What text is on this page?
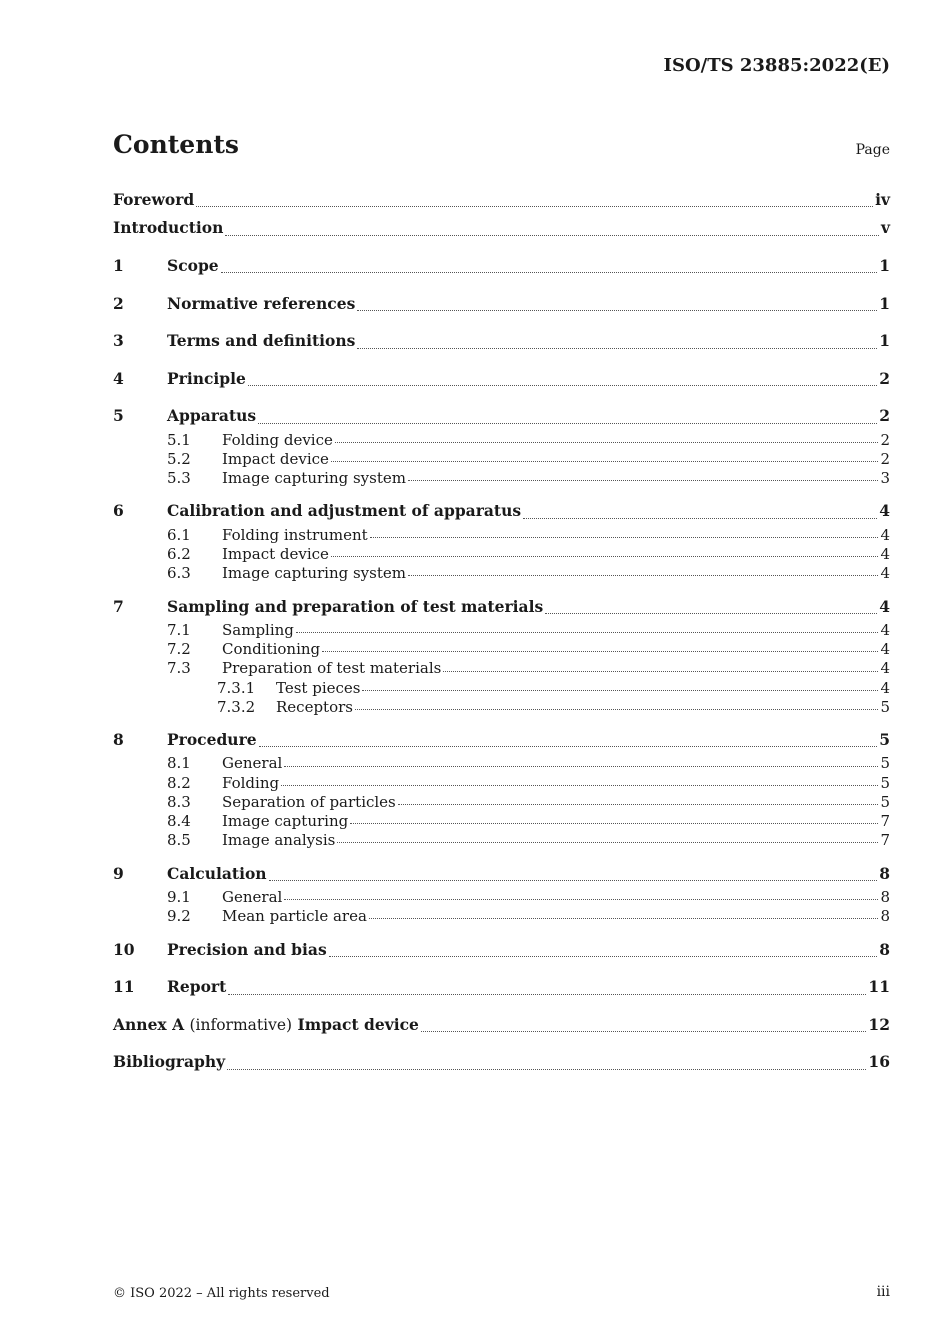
ISO/TS 23885:2022(E)
Contents	Page
Foreword	iv
Introduction	v
1	Scope	1
2	Normative references	1
3	Terms and definitions	1
4	Principle	2
5	Apparatus	2
5.1	Folding device	2
5.2	Impact device	2
5.3	Image capturing system	3
6	Calibration and adjustment of apparatus	4
6.1	Folding instrument	4
6.2	Impact device	4
6.3	Image capturing system	4
7	Sampling and preparation of test materials	4
7.1	Sampling	4
7.2	Conditioning	4
7.3	Preparation of test materials	4
7.3.1	Test pieces	4
7.3.2	Receptors	5
8	Procedure	5
8.1	General	5
8.2	Folding	5
8.3	Separation of particles	5
8.4	Image capturing	7
8.5	Image analysis	7
9	Calculation	8
9.1	General	8
9.2	Mean particle area	8
10	Precision and bias	8
11	Report	11
Annex A (informative) Impact device	12
Bibliography	16
© ISO 2022 – All rights reserved	iii
